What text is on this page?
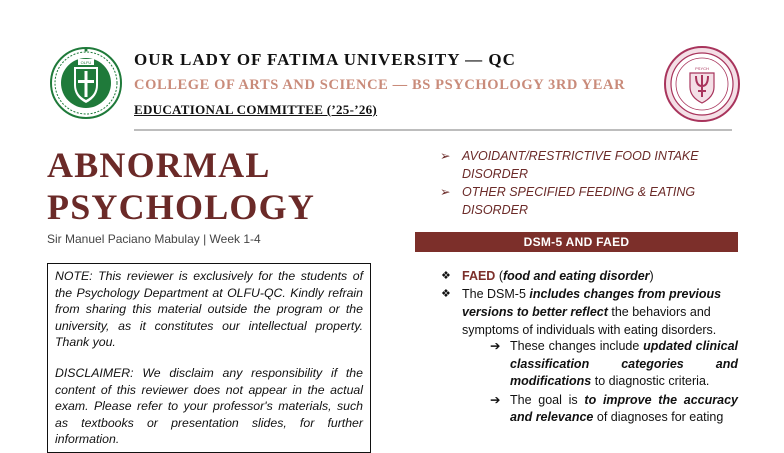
OLFU
PSYCH
OUR LADY OF FATIMA UNIVERSITY — QC
COLLEGE OF ARTS AND SCIENCE — BS PSYCHOLOGY 3RD YEAR
EDUCATIONAL COMMITTEE (’25-’26)
ABNORMAL
PSYCHOLOGY
Sir Manuel Paciano Mabulay | Week 1-4

NOTE: This reviewer is exclusively for the students of the Psychology Department at OLFU-QC. Kindly refrain from sharing this material outside the program or the university, as it constitutes our intellectual property. Thank you.

DISCLAIMER: We disclaim any responsibility if the content of this reviewer does not appear in the actual exam. Please refer to your professor's materials, such as textbooks or presentation slides, for further information.

➢ AVOIDANT/RESTRICTIVE FOOD INTAKE DISORDER
➢ OTHER SPECIFIED FEEDING & EATING DISORDER
DSM-5 AND FAED
❖ FAED (food and eating disorder)
❖ The DSM-5 includes changes from previous versions to better reflect the behaviors and symptoms of individuals with eating disorders.
➔ These changes include updated clinical classification categories and modifications to diagnostic criteria.
➔ The goal is to improve the accuracy and relevance of diagnoses for eating
